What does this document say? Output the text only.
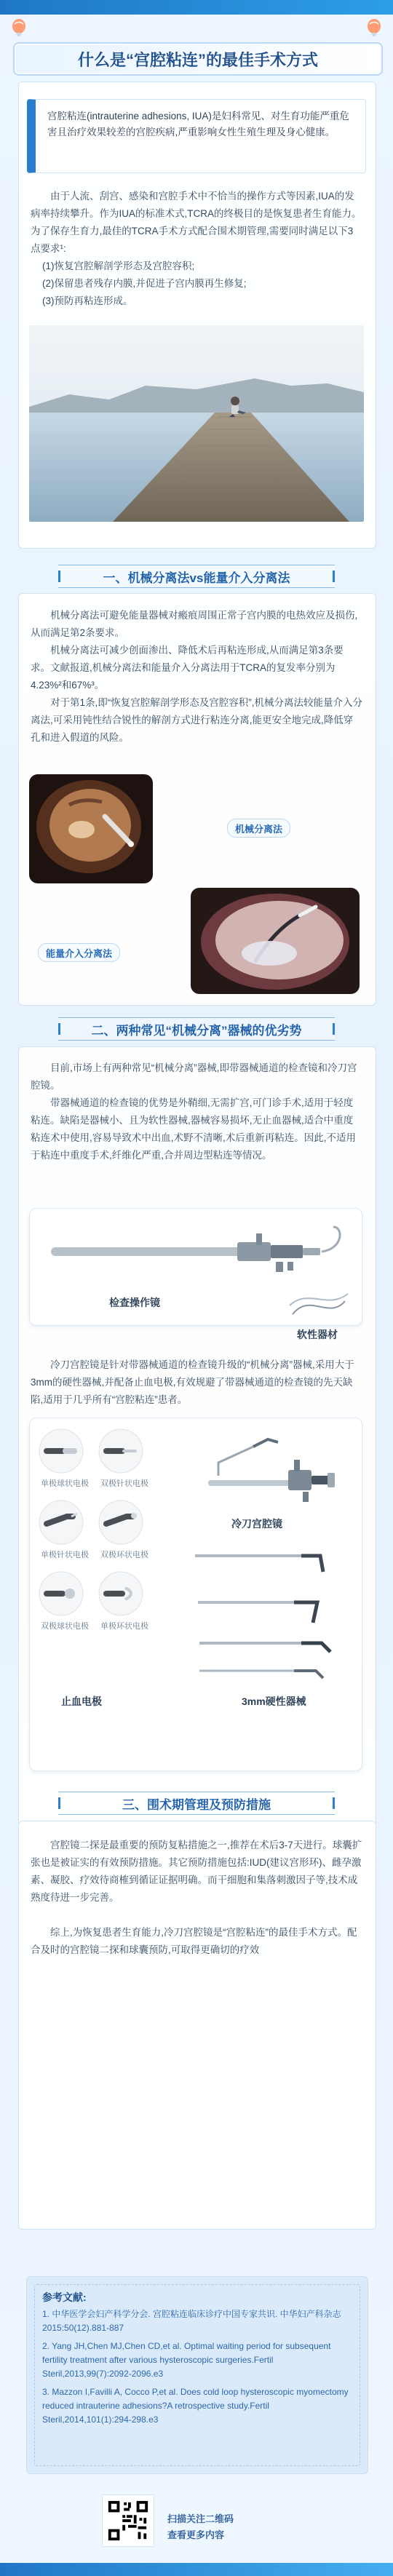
什么是“宫腔粘连”的最佳手术方式
宫腔粘连(intrauterine adhesions, IUA)是妇科常见、对生育功能严重危害且治疗效果较差的宫腔疾病,严重影响女性生殖生理及身心健康。
由于人流、刮宫、感染和宫腔手术中不恰当的操作方式等因素,IUA的发病率持续攀升。作为IUA的标准术式,TCRA的终极目的是恢复患者生育能力。为了保存生育力,最佳的TCRA手术方式配合围术期管理,需要同时满足以下3点要求¹:
(1)恢复宫腔解剖学形态及宫腔容积;
(2)保留患者残存内膜,并促进子宫内膜再生修复;
(3)预防再粘连形成。
一、机械分离法vs能量介入分离法
机械分离法可避免能量器械对瘢痕周围正常子宫内膜的电热效应及损伤,从而满足第2条要求。
机械分离法可减少创面渗出、降低术后再粘连形成,从而满足第3条要求。文献报道,机械分离法和能量介入分离法用于TCRA的复发率分别为4.23%²和67%³。
对于第1条,即“恢复宫腔解剖学形态及宫腔容积”,机械分离法较能量介入分离法,可采用钝性结合锐性的解剖方式进行粘连分离,能更安全地完成,降低穿孔和进入假道的风险。
机械分离法
能量介入分离法
二、两种常见“机械分离”器械的优劣势
目前,市场上有两种常见“机械分离”器械,即带器械通道的检查镜和冷刀宫腔镜。
带器械通道的检查镜的优势是外鞘细,无需扩宫,可门诊手术,适用于轻度粘连。缺陷是器械小、且为软性器械,器械容易损坏,无止血器械,适合中重度粘连术中使用,容易导致术中出血,术野不清晰,术后重新再粘连。因此,不适用于粘连中重度手术,纤维化严重,合并周边型粘连等情况。
检查操作镜
软性器材
冷刀宫腔镜是针对带器械通道的检查镜升级的“机械分离”器械,采用大于3mm的硬性器械,并配备止血电极,有效规避了带器械通道的检查镜的先天缺陷,适用于几乎所有“宫腔粘连”患者。
单极球状电极 双极针状电极
单极针状电极 双极环状电极
双极球状电极 单极环状电极
冷刀宫腔镜
止血电极	3mm硬性器械
三、围术期管理及预防措施
宫腔镜二探是最重要的预防复粘措施之一,推荐在术后3-7天进行。球囊扩张也是被证实的有效预防措施。其它预防措施包括:IUD(建议宫形环)、雌孕激素、凝胶、疗效待商榷到循证证据明确。而干细胞和集落刺激因子等,技术成熟度待进一步完善。
综上,为恢复患者生育能力,冷刀宫腔镜是“宫腔粘连”的最佳手术方式。配合及时的宫腔镜二探和球囊预防,可取得更确切的疗效
参考文献:
1. 中华医学会妇产科学分会. 宫腔粘连临床诊疗中国专家共识. 中华妇产科杂志 2015:50(12).881-887
2. Yang JH,Chen MJ,Chen CD,et al. Optimal waiting period for subsequent fertility treatment after various hysteroscopic surgeries.Fertil Steril,2013,99(7):2092-2096.e3
3. Mazzon I,Favilli A, Cocco P,et al. Does cold loop hysteroscopic myomectomy reduced intrauterine adhesions?A retrospective study.Fertil Steril,2014,101(1):294-298.e3
扫描关注二维码
查看更多内容
